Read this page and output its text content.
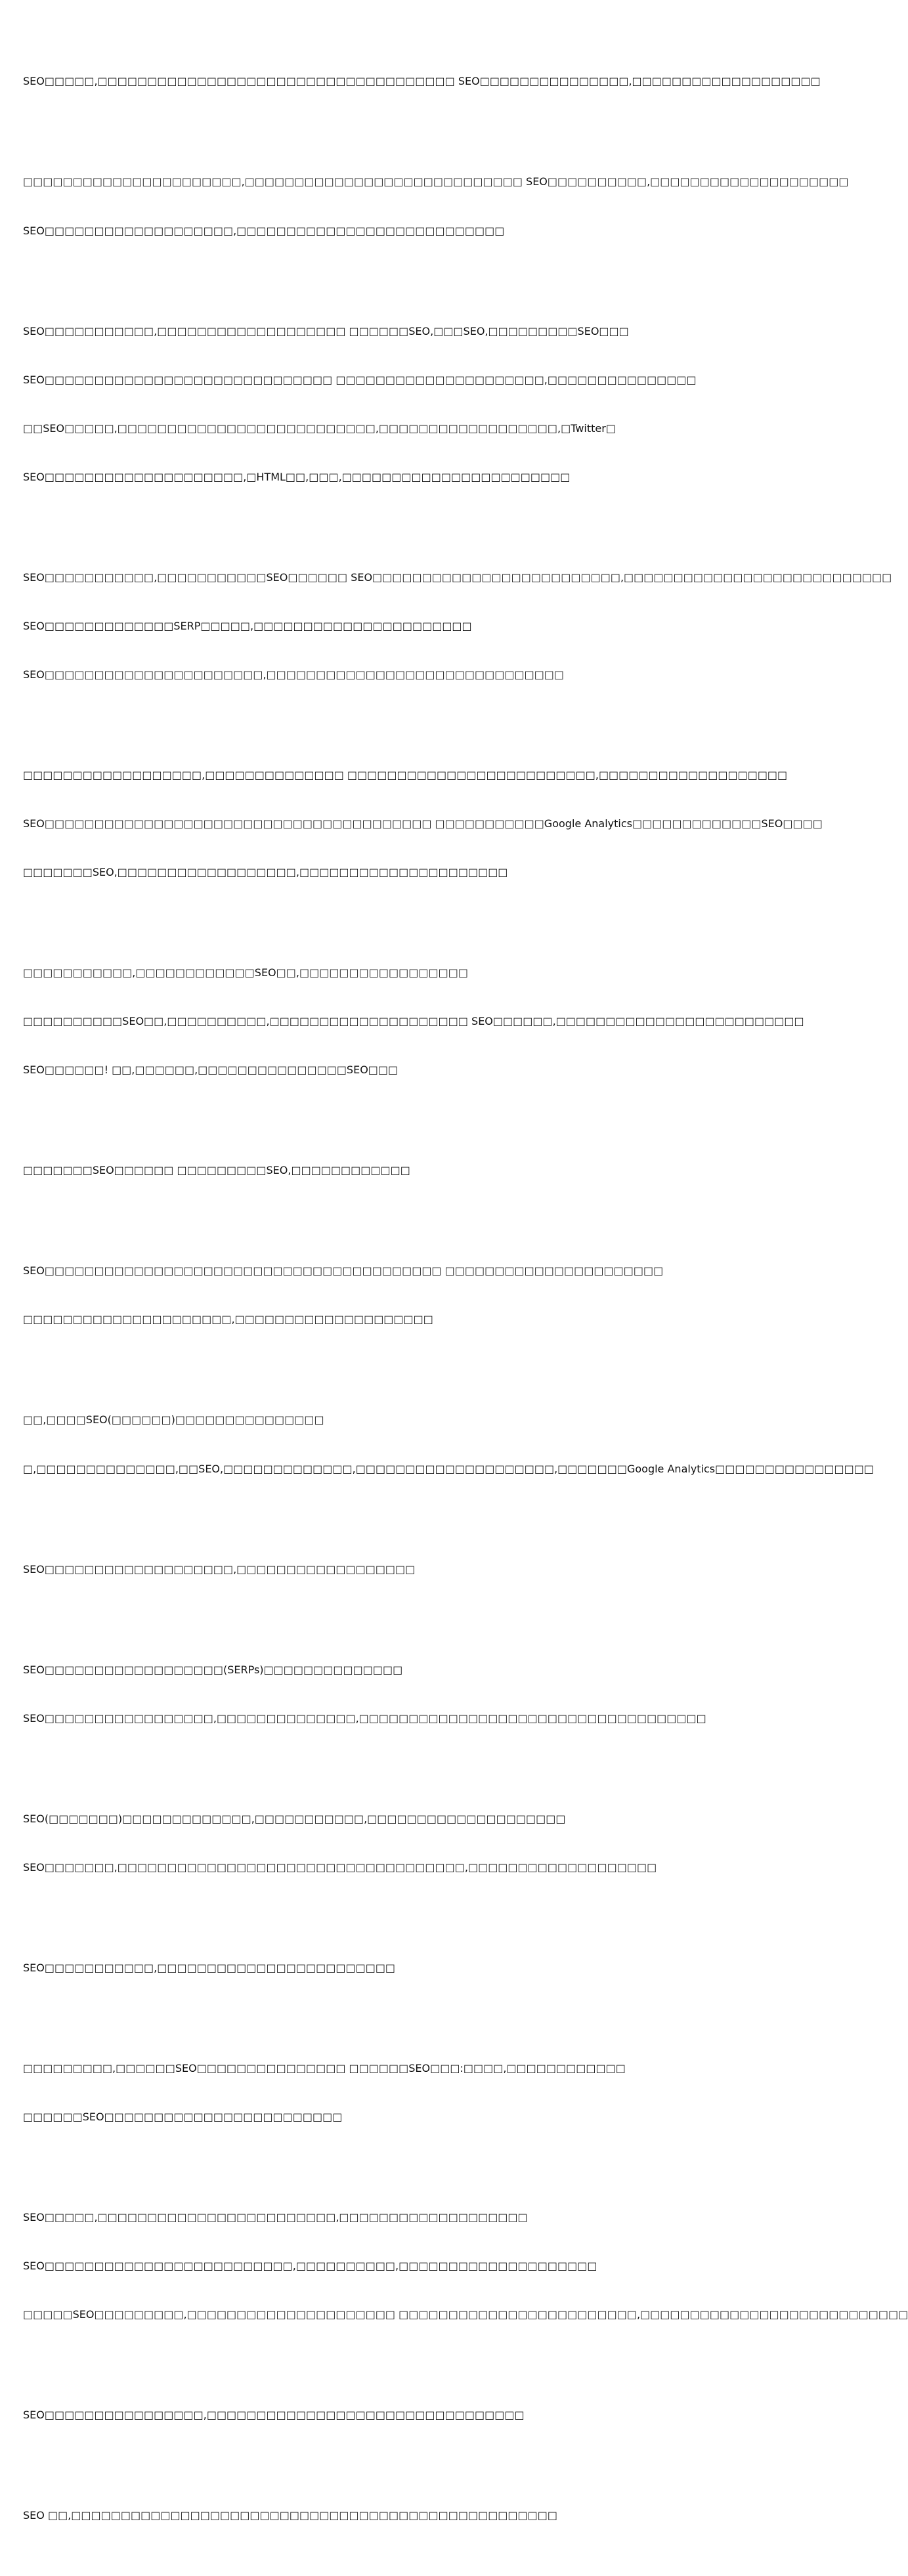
SEO□□□□□,□□□□□□□□□□□□□□□□□□□□□□□□□□□□□□□□□□□□ SEO□□□□□□□□□□□□□□□,□□□□□□□□□□□□□□□□□□□

□□□□□□□□□□□□□□□□□□□□□□,□□□□□□□□□□□□□□□□□□□□□□□□□□□□ SEO□□□□□□□□□□,□□□□□□□□□□□□□□□□□□□□

SEO□□□□□□□□□□□□□□□□□□□,□□□□□□□□□□□□□□□□□□□□□□□□□□□

SEO□□□□□□□□□□□,□□□□□□□□□□□□□□□□□□□ □□□□□□SEO,□□□SEO,□□□□□□□□□SEO□□□

SEO□□□□□□□□□□□□□□□□□□□□□□□□□□□□□ □□□□□□□□□□□□□□□□□□□□□,□□□□□□□□□□□□□□□

□□SEO□□□□□,□□□□□□□□□□□□□□□□□□□□□□□□□□,□□□□□□□□□□□□□□□□□□,□Twitter□

SEO□□□□□□□□□□□□□□□□□□□□,□HTML□□,□□□,□□□□□□□□□□□□□□□□□□□□□□□

SEO□□□□□□□□□□□,□□□□□□□□□□□SEO□□□□□□ SEO□□□□□□□□□□□□□□□□□□□□□□□□□,□□□□□□□□□□□□□□□□□□□□□□□□□□□

SEO□□□□□□□□□□□□□SERP□□□□□,□□□□□□□□□□□□□□□□□□□□□□

SEO□□□□□□□□□□□□□□□□□□□□□□,□□□□□□□□□□□□□□□□□□□□□□□□□□□□□□

□□□□□□□□□□□□□□□□□□,□□□□□□□□□□□□□□ □□□□□□□□□□□□□□□□□□□□□□□□□,□□□□□□□□□□□□□□□□□□□

SEO□□□□□□□□□□□□□□□□□□□□□□□□□□□□□□□□□□□□□□□ □□□□□□□□□□□Google Analytics□□□□□□□□□□□□□SEO□□□□

□□□□□□□SEO,□□□□□□□□□□□□□□□□□□,□□□□□□□□□□□□□□□□□□□□□

□□□□□□□□□□□,□□□□□□□□□□□□SEO□□,□□□□□□□□□□□□□□□□□

□□□□□□□□□□SEO□□,□□□□□□□□□□,□□□□□□□□□□□□□□□□□□□□ SEO□□□□□□,□□□□□□□□□□□□□□□□□□□□□□□□□

SEO□□□□□□! □□,□□□□□□,□□□□□□□□□□□□□□□SEO□□□

□□□□□□□SEO□□□□□□ □□□□□□□□□SEO,□□□□□□□□□□□□

SEO□□□□□□□□□□□□□□□□□□□□□□□□□□□□□□□□□□□□□□□□ □□□□□□□□□□□□□□□□□□□□□□

□□□□□□□□□□□□□□□□□□□□□,□□□□□□□□□□□□□□□□□□□□

□□,□□□□SEO(□□□□□□)□□□□□□□□□□□□□□□

□,□□□□□□□□□□□□□□,□□SEO,□□□□□□□□□□□□□,□□□□□□□□□□□□□□□□□□□□,□□□□□□□Google Analytics□□□□□□□□□□□□□□□□

SEO□□□□□□□□□□□□□□□□□□□,□□□□□□□□□□□□□□□□□□

SEO□□□□□□□□□□□□□□□□□□(SERPs)□□□□□□□□□□□□□□

SEO□□□□□□□□□□□□□□□□□,□□□□□□□□□□□□□□,□□□□□□□□□□□□□□□□□□□□□□□□□□□□□□□□□□□

SEO(□□□□□□□)□□□□□□□□□□□□□,□□□□□□□□□□□,□□□□□□□□□□□□□□□□□□□□

SEO□□□□□□□,□□□□□□□□□□□□□□□□□□□□□□□□□□□□□□□□□□□,□□□□□□□□□□□□□□□□□□□

SEO□□□□□□□□□□□,□□□□□□□□□□□□□□□□□□□□□□□□

□□□□□□□□□,□□□□□□SEO□□□□□□□□□□□□□□□ □□□□□□SEO□□□:□□□□,□□□□□□□□□□□□

□□□□□□SEO□□□□□□□□□□□□□□□□□□□□□□□□

SEO□□□□□,□□□□□□□□□□□□□□□□□□□□□□□□,□□□□□□□□□□□□□□□□□□□

SEO□□□□□□□□□□□□□□□□□□□□□□□□□,□□□□□□□□□□,□□□□□□□□□□□□□□□□□□□□

□□□□□SEO□□□□□□□□□,□□□□□□□□□□□□□□□□□□□□□ □□□□□□□□□□□□□□□□□□□□□□□□,□□□□□□□□□□□□□□□□□□□□□□□□□□□

SEO□□□□□□□□□□□□□□□□,□□□□□□□□□□□□□□□□□□□□□□□□□□□□□□□□

SEO □□,□□□□□□□□□□□□□□□□□□□□□□□□□□□□□□□□□□□□□□□□□□□□□□□□□
